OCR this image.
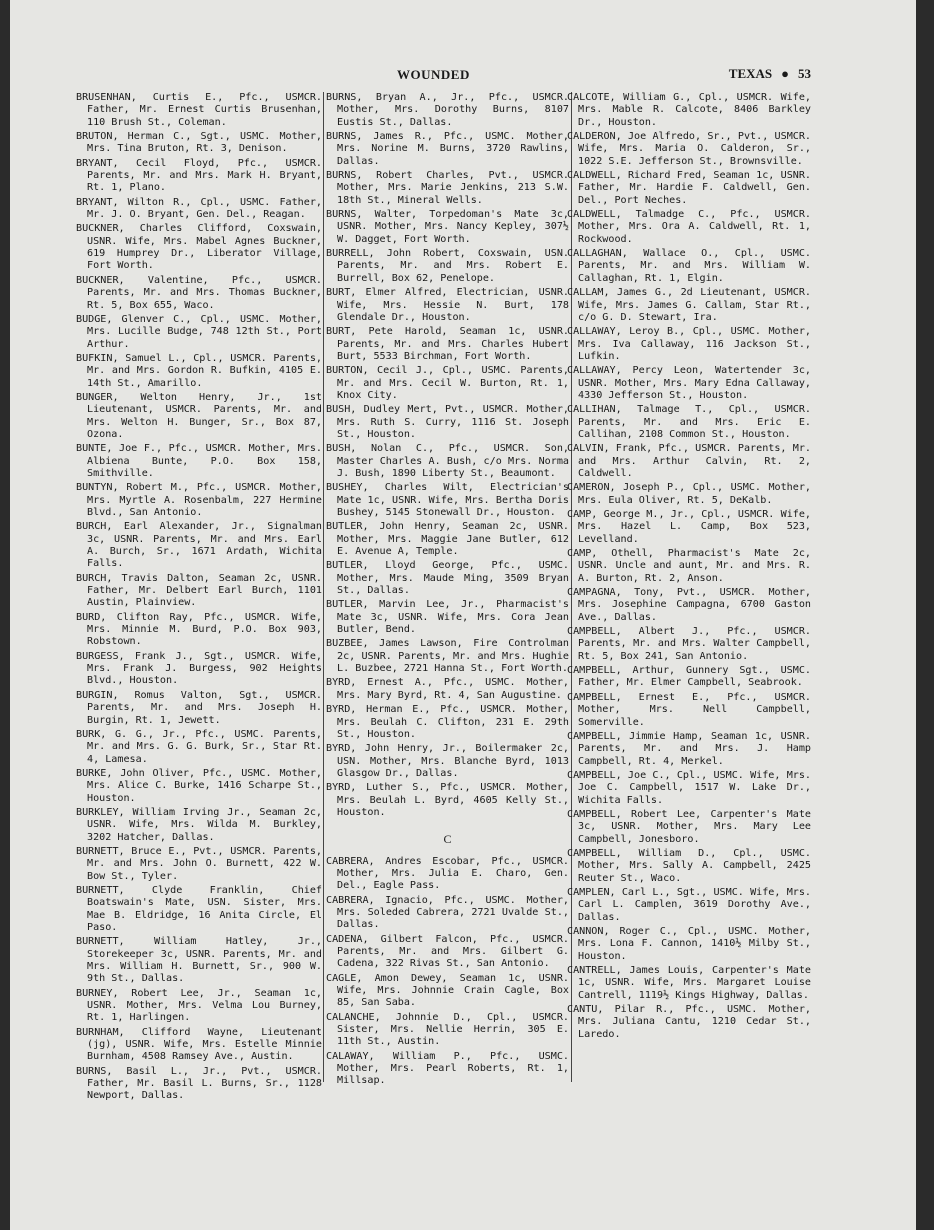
WOUNDED	TEXAS ● 53

BRUSENHAN, Curtis E., Pfc., USMCR. Father, Mr. Ernest Curtis Brusenhan, 110 Brush St., Coleman.

BRUTON, Herman C., Sgt., USMC. Mother, Mrs. Tina Bruton, Rt. 3, Denison.

BRYANT, Cecil Floyd, Pfc., USMCR. Parents, Mr. and Mrs. Mark H. Bryant, Rt. 1, Plano.

BRYANT, Wilton R., Cpl., USMC. Father, Mr. J. O. Bryant, Gen. Del., Reagan.

BUCKNER, Charles Clifford, Coxswain, USNR. Wife, Mrs. Mabel Agnes Buckner, 619 Humprey Dr., Liberator Village, Fort Worth.

BUCKNER, Valentine, Pfc., USMCR. Parents, Mr. and Mrs. Thomas Buckner, Rt. 5, Box 655, Waco.

BUDGE, Glenver C., Cpl., USMC. Mother, Mrs. Lucille Budge, 748 12th St., Port Arthur.

BUFKIN, Samuel L., Cpl., USMCR. Parents, Mr. and Mrs. Gordon R. Bufkin, 4105 E. 14th St., Amarillo.

BUNGER, Welton Henry, Jr., 1st Lieutenant, USMCR. Parents, Mr. and Mrs. Welton H. Bunger, Sr., Box 87, Ozona.

BUNTE, Joe F., Pfc., USMCR. Mother, Mrs. Albiena Bunte, P.O. Box 158, Smithville.

BUNTYN, Robert M., Pfc., USMCR. Mother, Mrs. Myrtle A. Rosenbalm, 227 Hermine Blvd., San Antonio.

BURCH, Earl Alexander, Jr., Signalman 3c, USNR. Parents, Mr. and Mrs. Earl A. Burch, Sr., 1671 Ardath, Wichita Falls.

BURCH, Travis Dalton, Seaman 2c, USNR. Father, Mr. Delbert Earl Burch, 1101 Austin, Plainview.

BURD, Clifton Ray, Pfc., USMCR. Wife, Mrs. Minnie M. Burd, P.O. Box 903, Robstown.

BURGESS, Frank J., Sgt., USMCR. Wife, Mrs. Frank J. Burgess, 902 Heights Blvd., Houston.

BURGIN, Romus Valton, Sgt., USMCR. Parents, Mr. and Mrs. Joseph H. Burgin, Rt. 1, Jewett.

BURK, G. G., Jr., Pfc., USMC. Parents, Mr. and Mrs. G. G. Burk, Sr., Star Rt. 4, Lamesa.

BURKE, John Oliver, Pfc., USMC. Mother, Mrs. Alice C. Burke, 1416 Scharpe St., Houston.

BURKLEY, William Irving Jr., Seaman 2c, USNR. Wife, Mrs. Wilda M. Burkley, 3202 Hatcher, Dallas.

BURNETT, Bruce E., Pvt., USMCR. Parents, Mr. and Mrs. John O. Burnett, 422 W. Bow St., Tyler.

BURNETT, Clyde Franklin, Chief Boatswain's Mate, USN. Sister, Mrs. Mae B. Eldridge, 16 Anita Circle, El Paso.

BURNETT, William Hatley, Jr., Storekeeper 3c, USNR. Parents, Mr. and Mrs. William H. Burnett, Sr., 900 W. 9th St., Dallas.

BURNEY, Robert Lee, Jr., Seaman 1c, USNR. Mother, Mrs. Velma Lou Burney, Rt. 1, Harlingen.

BURNHAM, Clifford Wayne, Lieutenant (jg), USNR. Wife, Mrs. Estelle Minnie Burnham, 4508 Ramsey Ave., Austin.

BURNS, Basil L., Jr., Pvt., USMCR. Father, Mr. Basil L. Burns, Sr., 1128 Newport, Dallas.

BURNS, Bryan A., Jr., Pfc., USMCR. Mother, Mrs. Dorothy Burns, 8107 Eustis St., Dallas.

BURNS, James R., Pfc., USMC. Mother, Mrs. Norine M. Burns, 3720 Rawlins, Dallas.

BURNS, Robert Charles, Pvt., USMCR. Mother, Mrs. Marie Jenkins, 213 S.W. 18th St., Mineral Wells.

BURNS, Walter, Torpedoman's Mate 3c, USNR. Mother, Mrs. Nancy Kepley, 307½ W. Dagget, Fort Worth.

BURRELL, John Robert, Coxswain, USN. Parents, Mr. and Mrs. Robert E. Burrell, Box 62, Penelope.

BURT, Elmer Alfred, Electrician, USNR. Wife, Mrs. Hessie N. Burt, 178 Glendale Dr., Houston.

BURT, Pete Harold, Seaman 1c, USNR. Parents, Mr. and Mrs. Charles Hubert Burt, 5533 Birchman, Fort Worth.

BURTON, Cecil J., Cpl., USMC. Parents, Mr. and Mrs. Cecil W. Burton, Rt. 1, Knox City.

BUSH, Dudley Mert, Pvt., USMCR. Mother, Mrs. Ruth S. Curry, 1116 St. Joseph St., Houston.

BUSH, Nolan C., Pfc., USMCR. Son, Master Charles A. Bush, c/o Mrs. Norma J. Bush, 1890 Liberty St., Beaumont.

BUSHEY, Charles Wilt, Electrician's Mate 1c, USNR. Wife, Mrs. Bertha Doris Bushey, 5145 Stonewall Dr., Houston.

BUTLER, John Henry, Seaman 2c, USNR. Mother, Mrs. Maggie Jane Butler, 612 E. Avenue A, Temple.

BUTLER, Lloyd George, Pfc., USMC. Mother, Mrs. Maude Ming, 3509 Bryan St., Dallas.

BUTLER, Marvin Lee, Jr., Pharmacist's Mate 3c, USNR. Wife, Mrs. Cora Jean Butler, Bend.

BUZBEE, James Lawson, Fire Controlman 2c, USNR. Parents, Mr. and Mrs. Hughie L. Buzbee, 2721 Hanna St., Fort Worth.

BYRD, Ernest A., Pfc., USMC. Mother, Mrs. Mary Byrd, Rt. 4, San Augustine.

BYRD, Herman E., Pfc., USMCR. Mother, Mrs. Beulah C. Clifton, 231 E. 29th St., Houston.

BYRD, John Henry, Jr., Boilermaker 2c, USN. Mother, Mrs. Blanche Byrd, 1013 Glasgow Dr., Dallas.

BYRD, Luther S., Pfc., USMCR. Mother, Mrs. Beulah L. Byrd, 4605 Kelly St., Houston.

C

CABRERA, Andres Escobar, Pfc., USMCR. Mother, Mrs. Julia E. Charo, Gen. Del., Eagle Pass.

CABRERA, Ignacio, Pfc., USMC. Mother, Mrs. Soleded Cabrera, 2721 Uvalde St., Dallas.

CADENA, Gilbert Falcon, Pfc., USMCR. Parents, Mr. and Mrs. Gilbert G. Cadena, 322 Rivas St., San Antonio.

CAGLE, Amon Dewey, Seaman 1c, USNR. Wife, Mrs. Johnnie Crain Cagle, Box 85, San Saba.

CALANCHE, Johnnie D., Cpl., USMCR. Sister, Mrs. Nellie Herrin, 305 E. 11th St., Austin.

CALAWAY, William P., Pfc., USMC. Mother, Mrs. Pearl Roberts, Rt. 1, Millsap.

CALCOTE, William G., Cpl., USMCR. Wife, Mrs. Mable R. Calcote, 8406 Barkley Dr., Houston.

CALDERON, Joe Alfredo, Sr., Pvt., USMCR. Wife, Mrs. Maria O. Calderon, Sr., 1022 S.E. Jefferson St., Brownsville.

CALDWELL, Richard Fred, Seaman 1c, USNR. Father, Mr. Hardie F. Caldwell, Gen. Del., Port Neches.

CALDWELL, Talmadge C., Pfc., USMCR. Mother, Mrs. Ora A. Caldwell, Rt. 1, Rockwood.

CALLAGHAN, Wallace O., Cpl., USMC. Parents, Mr. and Mrs. William W. Callaghan, Rt. 1, Elgin.

CALLAM, James G., 2d Lieutenant, USMCR. Wife, Mrs. James G. Callam, Star Rt., c/o G. D. Stewart, Ira.

CALLAWAY, Leroy B., Cpl., USMC. Mother, Mrs. Iva Callaway, 116 Jackson St., Lufkin.

CALLAWAY, Percy Leon, Watertender 3c, USNR. Mother, Mrs. Mary Edna Callaway, 4330 Jefferson St., Houston.

CALLIHAN, Talmage T., Cpl., USMCR. Parents, Mr. and Mrs. Eric E. Callihan, 2108 Common St., Houston.

CALVIN, Frank, Pfc., USMCR. Parents, Mr. and Mrs. Arthur Calvin, Rt. 2, Caldwell.

CAMERON, Joseph P., Cpl., USMC. Mother, Mrs. Eula Oliver, Rt. 5, DeKalb.

CAMP, George M., Jr., Cpl., USMCR. Wife, Mrs. Hazel L. Camp, Box 523, Levelland.

CAMP, Othell, Pharmacist's Mate 2c, USNR. Uncle and aunt, Mr. and Mrs. R. A. Burton, Rt. 2, Anson.

CAMPAGNA, Tony, Pvt., USMCR. Mother, Mrs. Josephine Campagna, 6700 Gaston Ave., Dallas.

CAMPBELL, Albert J., Pfc., USMCR. Parents, Mr. and Mrs. Walter Campbell, Rt. 5, Box 241, San Antonio.

CAMPBELL, Arthur, Gunnery Sgt., USMC. Father, Mr. Elmer Campbell, Seabrook.

CAMPBELL, Ernest E., Pfc., USMCR. Mother, Mrs. Nell Campbell, Somerville.

CAMPBELL, Jimmie Hamp, Seaman 1c, USNR. Parents, Mr. and Mrs. J. Hamp Campbell, Rt. 4, Merkel.

CAMPBELL, Joe C., Cpl., USMC. Wife, Mrs. Joe C. Campbell, 1517 W. Lake Dr., Wichita Falls.

CAMPBELL, Robert Lee, Carpenter's Mate 3c, USNR. Mother, Mrs. Mary Lee Campbell, Jonesboro.

CAMPBELL, William D., Cpl., USMC. Mother, Mrs. Sally A. Campbell, 2425 Reuter St., Waco.

CAMPLEN, Carl L., Sgt., USMC. Wife, Mrs. Carl L. Camplen, 3619 Dorothy Ave., Dallas.

CANNON, Roger C., Cpl., USMC. Mother, Mrs. Lona F. Cannon, 1410½ Milby St., Houston.

CANTRELL, James Louis, Carpenter's Mate 1c, USNR. Wife, Mrs. Margaret Louise Cantrell, 1119½ Kings Highway, Dallas.

CANTU, Pilar R., Pfc., USMC. Mother, Mrs. Juliana Cantu, 1210 Cedar St., Laredo.
